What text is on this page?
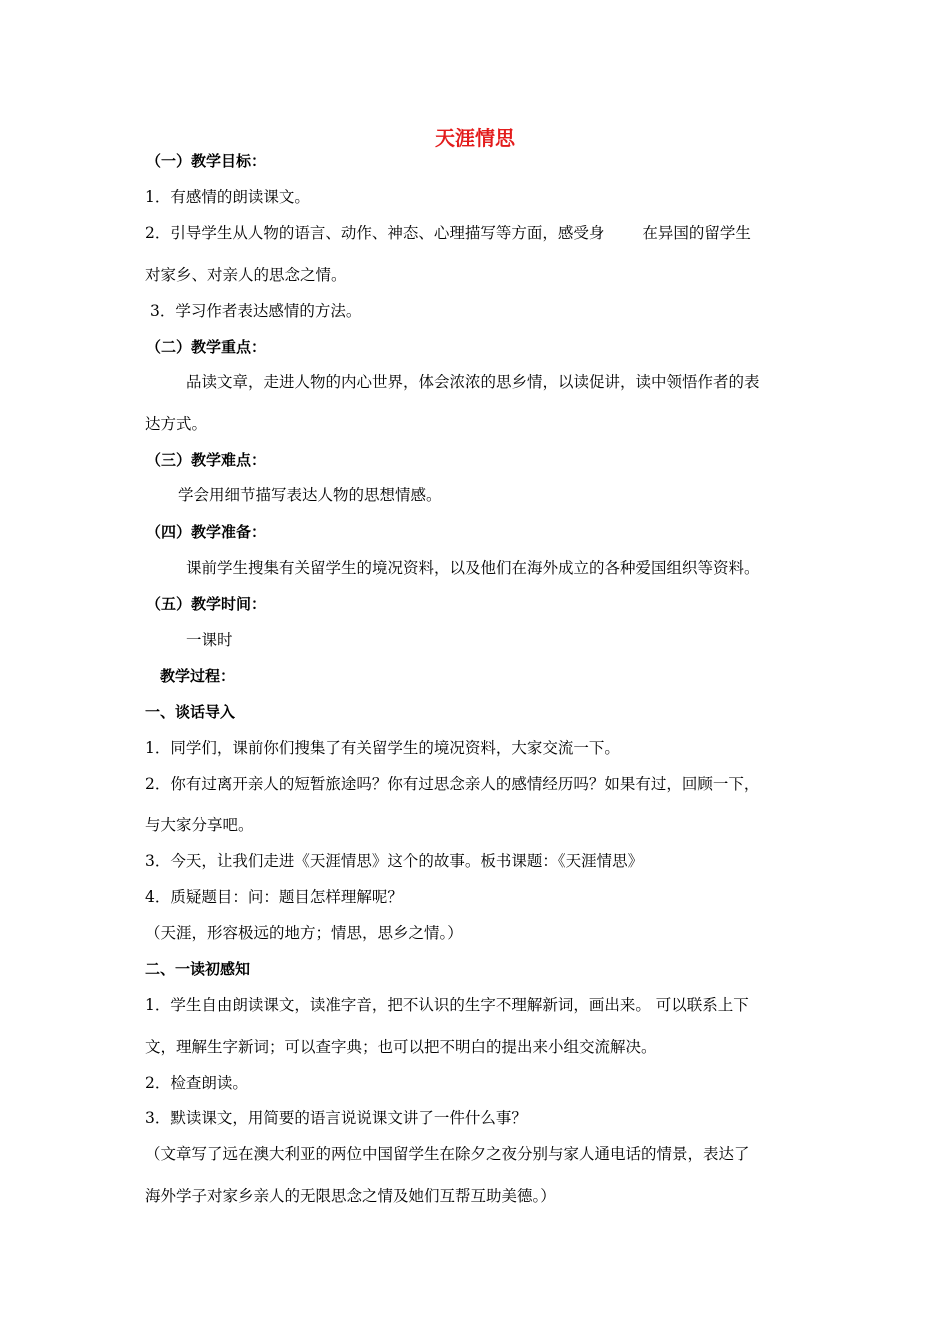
天涯情思
（一）教学目标：
1．有感情的朗读课文。
2．引导学生从人物的语言、动作、神态、心理描写等方面，感受身 在异国的留学生
对家乡、对亲人的思念之情。
3．学习作者表达感情的方法。
（二）教学重点：
品读文章，走进人物的内心世界，体会浓浓的思乡情，以读促讲，读中领悟作者的表
达方式。
（三）教学难点：
学会用细节描写表达人物的思想情感。
（四）教学准备：
课前学生搜集有关留学生的境况资料，以及他们在海外成立的各种爱国组织等资料。
（五）教学时间：
一课时
教学过程：
一、谈话导入
1．同学们，课前你们搜集了有关留学生的境况资料，大家交流一下。
2．你有过离开亲人的短暂旅途吗？你有过思念亲人的感情经历吗？如果有过，回顾一下，
与大家分享吧。
3．今天，让我们走进《天涯情思》这个的故事。板书课题：《天涯情思》
4．质疑题目：问：题目怎样理解呢？
（天涯，形容极远的地方；情思，思乡之情。）
二、一读初感知
1．学生自由朗读课文，读准字音，把不认识的生字不理解新词，画出来。 可以联系上下
文，理解生字新词；可以查字典；也可以把不明白的提出来小组交流解决。
2．检查朗读。
3．默读课文，用简要的语言说说课文讲了一件什么事？
（文章写了远在澳大利亚的两位中国留学生在除夕之夜分别与家人通电话的情景，表达了
海外学子对家乡亲人的无限思念之情及她们互帮互助美德。）
